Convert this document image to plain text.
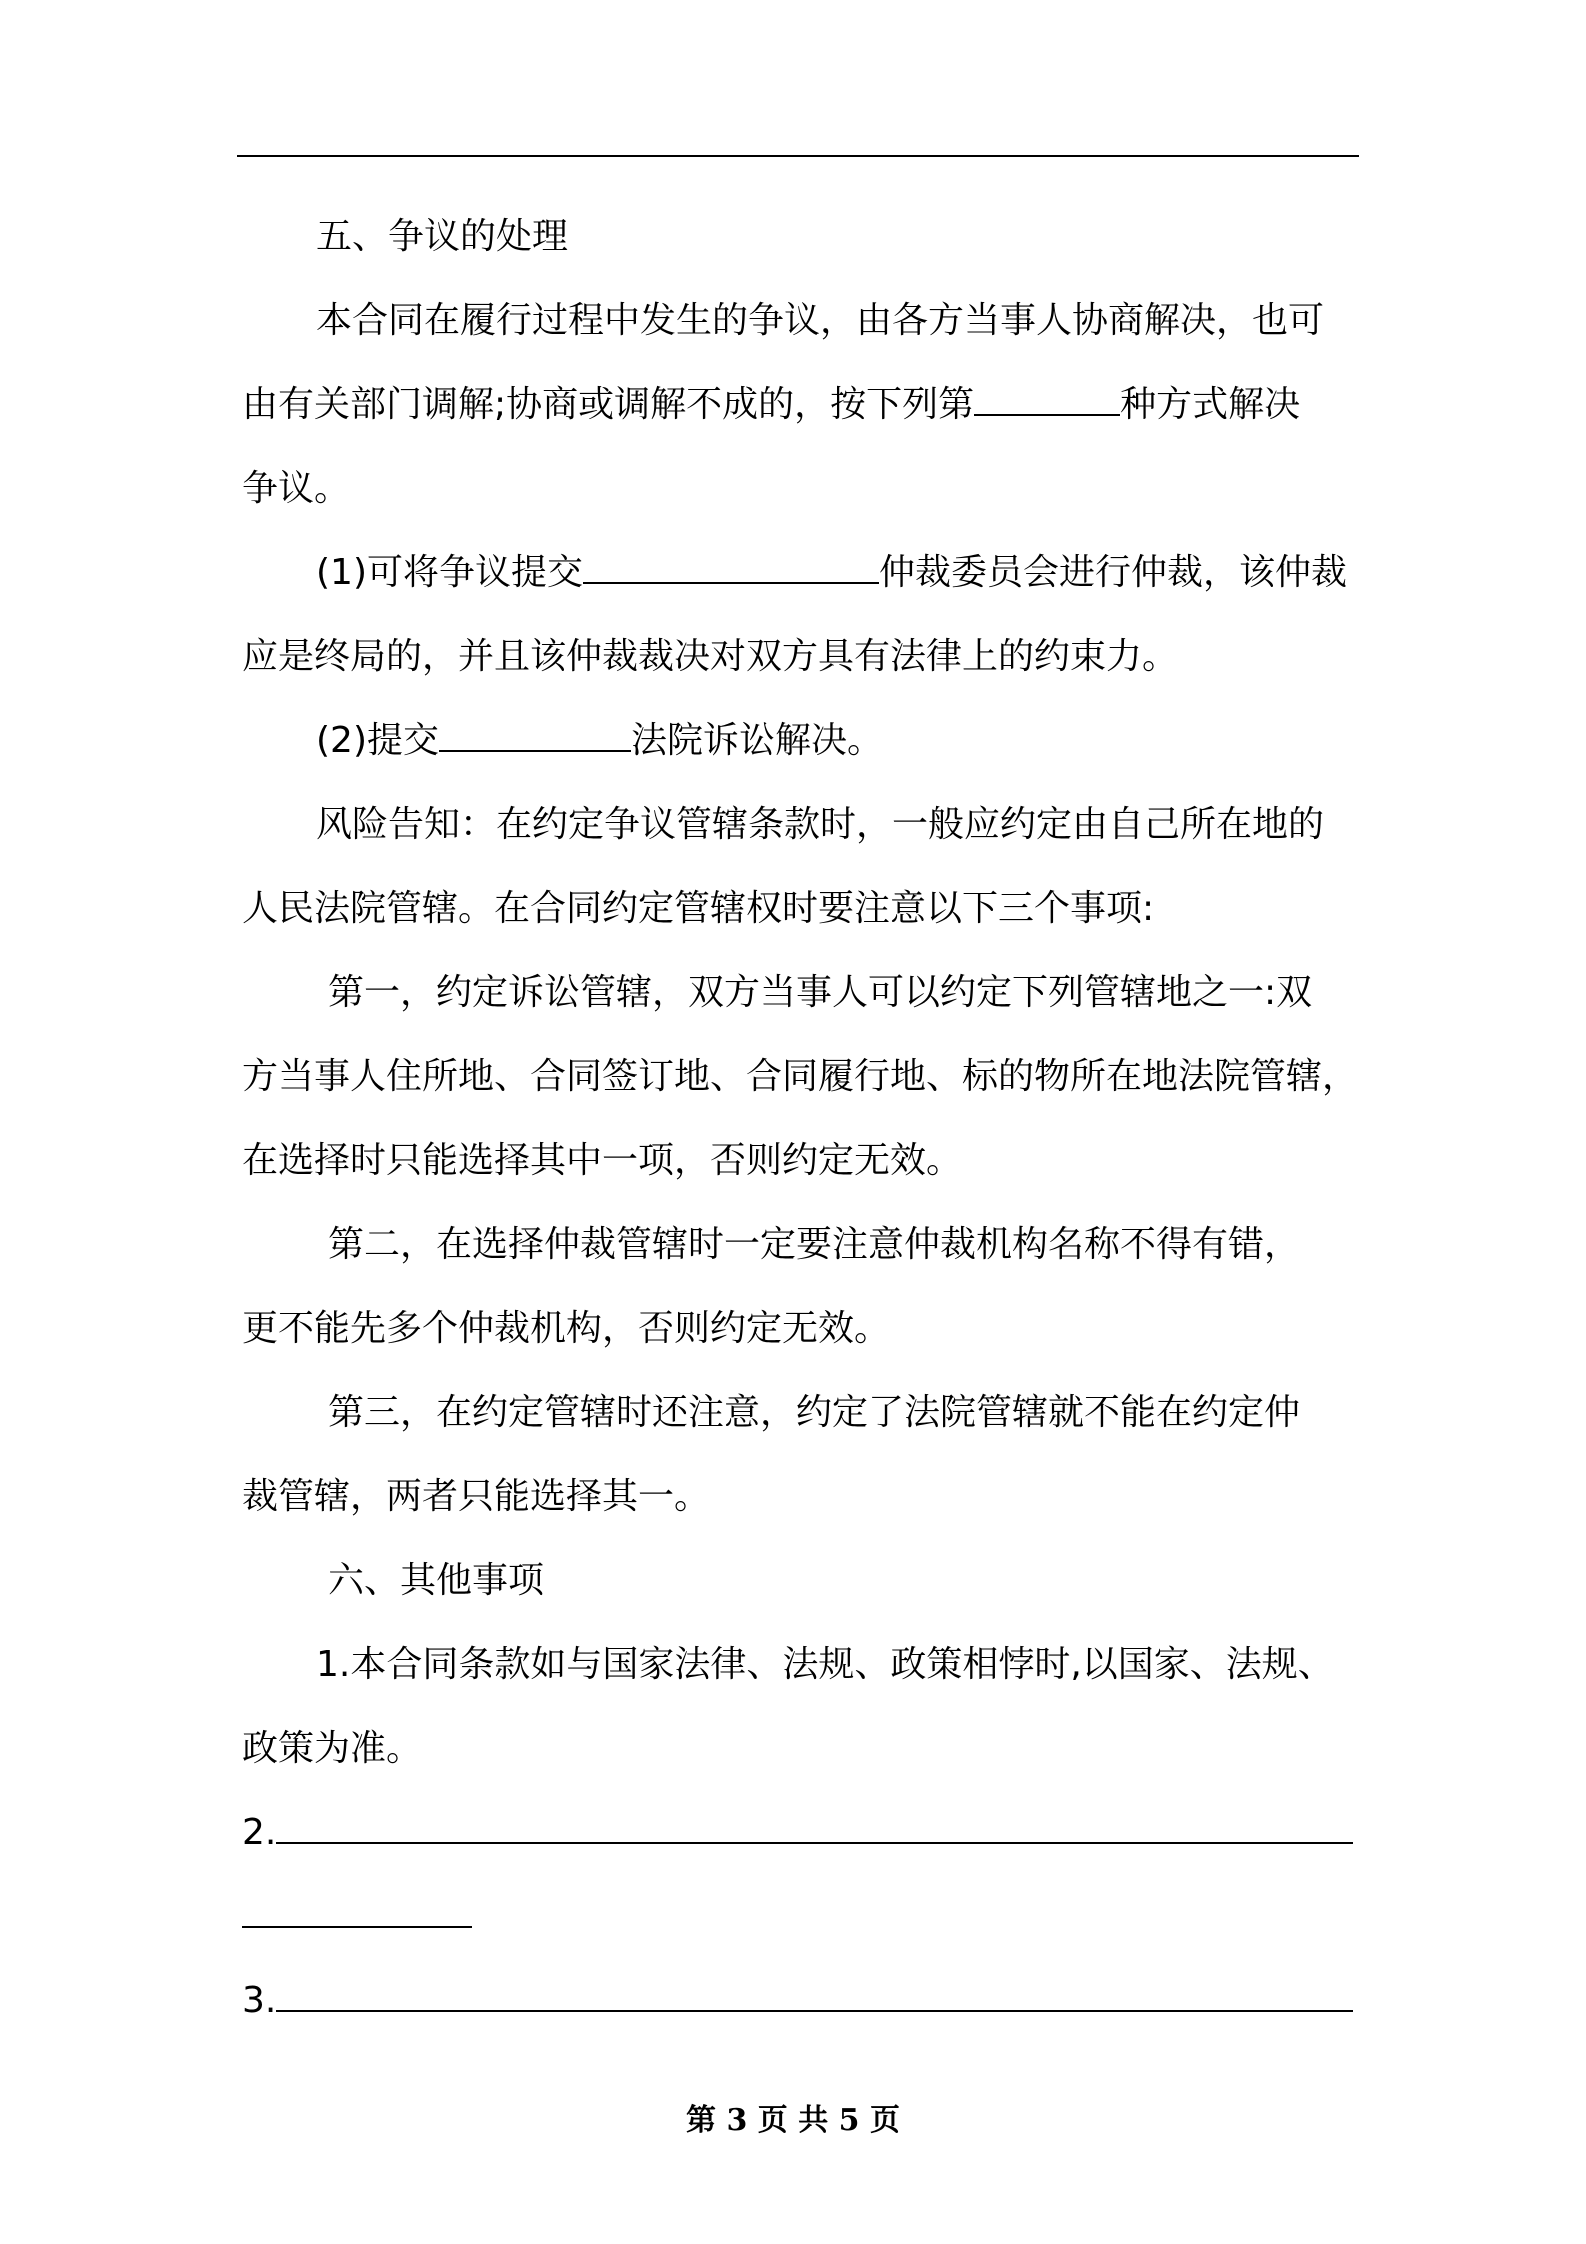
五、争议的处理

本合同在履行过程中发生的争议，由各方当事人协商解决，也可

由有关部门调解;协商或调解不成的，按下列第	种方式解决

争议。

(1)可将争议提交	仲裁委员会进行仲裁，该仲裁

应是终局的，并且该仲裁裁决对双方具有法律上的约束力。

(2)提交	法院诉讼解决。

风险告知：在约定争议管辖条款时，一般应约定由自己所在地的

人民法院管辖。在合同约定管辖权时要注意以下三个事项:

第一，约定诉讼管辖，双方当事人可以约定下列管辖地之一:双

方当事人住所地、合同签订地、合同履行地、标的物所在地法院管辖，

在选择时只能选择其中一项，否则约定无效。

第二，在选择仲裁管辖时一定要注意仲裁机构名称不得有错，

更不能先多个仲裁机构，否则约定无效。

第三，在约定管辖时还注意，约定了法院管辖就不能在约定仲

裁管辖，两者只能选择其一。

六、其他事项

1.本合同条款如与国家法律、法规、政策相悖时,以国家、法规、

政策为准。

2.

3.

第 3 页 共 5 页
